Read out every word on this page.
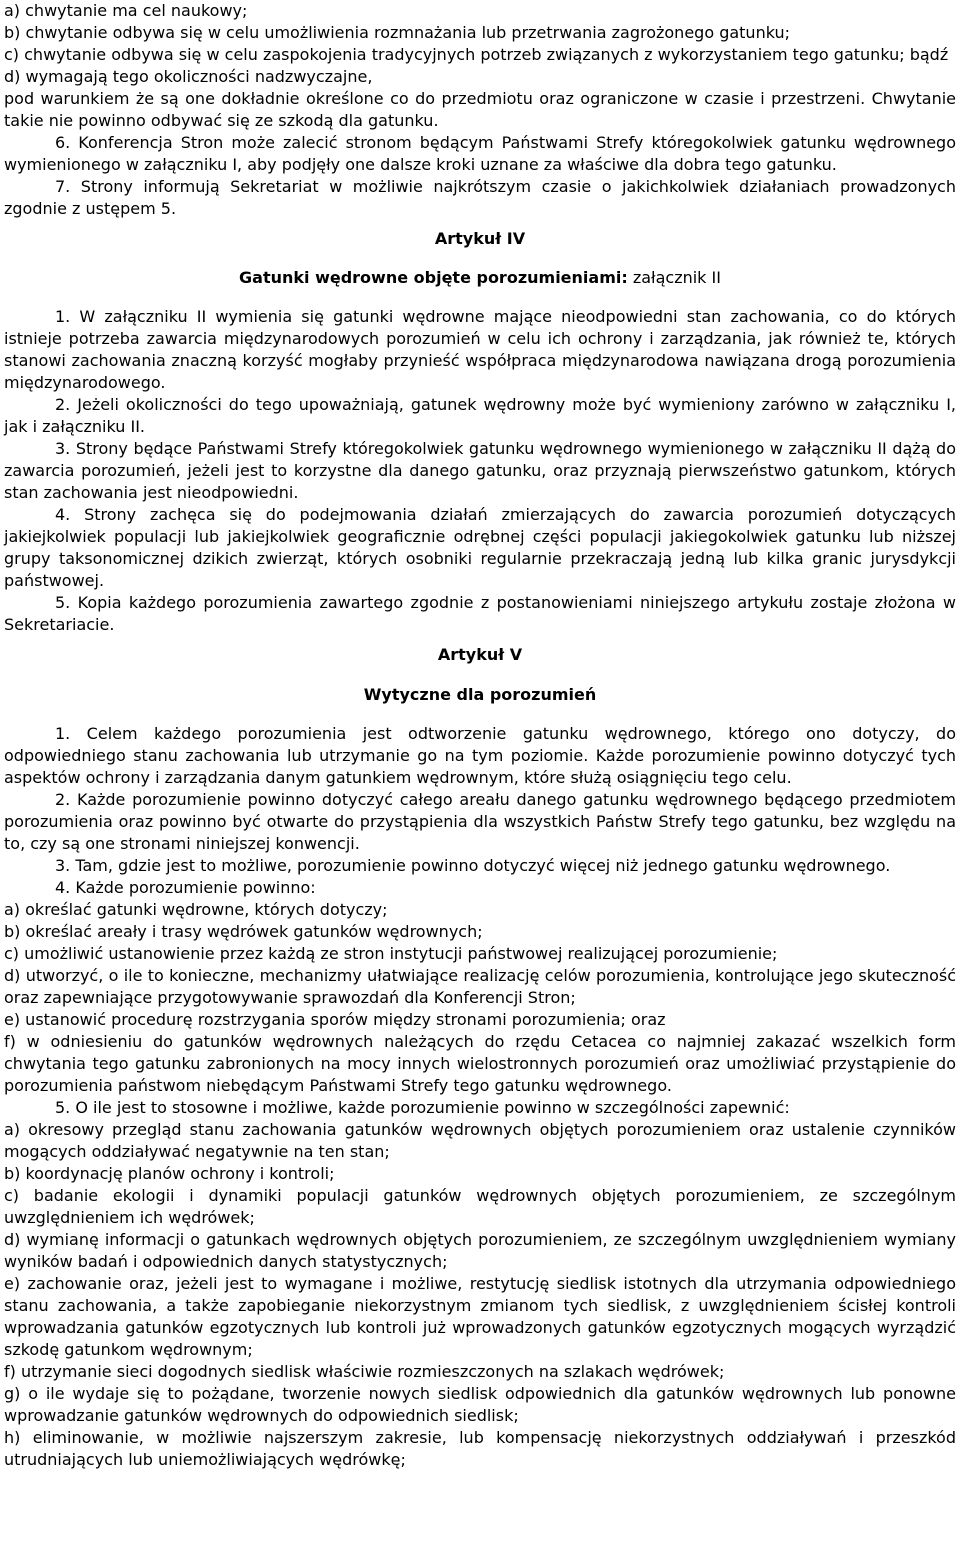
a) chwytanie ma cel naukowy;

b) chwytanie odbywa się w celu umożliwienia rozmnażania lub przetrwania zagrożonego gatunku;

c) chwytanie odbywa się w celu zaspokojenia tradycyjnych potrzeb związanych z wykorzystaniem tego gatunku; bądź

d) wymagają tego okoliczności nadzwyczajne,

pod warunkiem że są one dokładnie określone co do przedmiotu oraz ograniczone w czasie i przestrzeni. Chwytanie takie nie powinno odbywać się ze szkodą dla gatunku.

6. Konferencja Stron może zalecić stronom będącym Państwami Strefy któregokolwiek gatunku wędrownego wymienionego w załączniku I, aby podjęły one dalsze kroki uznane za właściwe dla dobra tego gatunku.

7. Strony informują Sekretariat w możliwie najkrótszym czasie o jakichkolwiek działaniach prowadzonych zgodnie z ustępem 5.

Artykuł IV

Gatunki wędrowne objęte porozumieniami: załącznik II

1. W załączniku II wymienia się gatunki wędrowne mające nieodpowiedni stan zachowania, co do których istnieje potrzeba zawarcia międzynarodowych porozumień w celu ich ochrony i zarządzania, jak również te, których stanowi zachowania znaczną korzyść mogłaby przynieść współpraca międzynarodowa nawiązana drogą porozumienia międzynarodowego.

2. Jeżeli okoliczności do tego upoważniają, gatunek wędrowny może być wymieniony zarówno w załączniku I, jak i załączniku II.

3. Strony będące Państwami Strefy któregokolwiek gatunku wędrownego wymienionego w załączniku II dążą do zawarcia porozumień, jeżeli jest to korzystne dla danego gatunku, oraz przyznają pierwszeństwo gatunkom, których stan zachowania jest nieodpowiedni.

4. Strony zachęca się do podejmowania działań zmierzających do zawarcia porozumień dotyczących jakiejkolwiek populacji lub jakiejkolwiek geograficznie odrębnej części populacji jakiegokolwiek gatunku lub niższej grupy taksonomicznej dzikich zwierząt, których osobniki regularnie przekraczają jedną lub kilka granic jurysdykcji państwowej.

5. Kopia każdego porozumienia zawartego zgodnie z postanowieniami niniejszego artykułu zostaje złożona w Sekretariacie.

Artykuł V

Wytyczne dla porozumień

1. Celem każdego porozumienia jest odtworzenie gatunku wędrownego, którego ono dotyczy, do odpowiedniego stanu zachowania lub utrzymanie go na tym poziomie. Każde porozumienie powinno dotyczyć tych aspektów ochrony i zarządzania danym gatunkiem wędrownym, które służą osiągnięciu tego celu.

2. Każde porozumienie powinno dotyczyć całego areału danego gatunku wędrownego będącego przedmiotem porozumienia oraz powinno być otwarte do przystąpienia dla wszystkich Państw Strefy tego gatunku, bez względu na to, czy są one stronami niniejszej konwencji.

3. Tam, gdzie jest to możliwe, porozumienie powinno dotyczyć więcej niż jednego gatunku wędrownego.

4. Każde porozumienie powinno:

a) określać gatunki wędrowne, których dotyczy;

b) określać areały i trasy wędrówek gatunków wędrownych;

c) umożliwić ustanowienie przez każdą ze stron instytucji państwowej realizującej porozumienie;

d) utworzyć, o ile to konieczne, mechanizmy ułatwiające realizację celów porozumienia, kontrolujące jego skuteczność oraz zapewniające przygotowywanie sprawozdań dla Konferencji Stron;

e) ustanowić procedurę rozstrzygania sporów między stronami porozumienia; oraz

f) w odniesieniu do gatunków wędrownych należących do rzędu Cetacea co najmniej zakazać wszelkich form chwytania tego gatunku zabronionych na mocy innych wielostronnych porozumień oraz umożliwiać przystąpienie do porozumienia państwom niebędącym Państwami Strefy tego gatunku wędrownego.

5. O ile jest to stosowne i możliwe, każde porozumienie powinno w szczególności zapewnić:

a) okresowy przegląd stanu zachowania gatunków wędrownych objętych porozumieniem oraz ustalenie czynników mogących oddziaływać negatywnie na ten stan;

b) koordynację planów ochrony i kontroli;

c) badanie ekologii i dynamiki populacji gatunków wędrownych objętych porozumieniem, ze szczególnym uwzględnieniem ich wędrówek;

d) wymianę informacji o gatunkach wędrownych objętych porozumieniem, ze szczególnym uwzględnieniem wymiany wyników badań i odpowiednich danych statystycznych;

e) zachowanie oraz, jeżeli jest to wymagane i możliwe, restytucję siedlisk istotnych dla utrzymania odpowiedniego stanu zachowania, a także zapobieganie niekorzystnym zmianom tych siedlisk, z uwzględnieniem ścisłej kontroli wprowadzania gatunków egzotycznych lub kontroli już wprowadzonych gatunków egzotycznych mogących wyrządzić szkodę gatunkom wędrownym;

f) utrzymanie sieci dogodnych siedlisk właściwie rozmieszczonych na szlakach wędrówek;

g) o ile wydaje się to pożądane, tworzenie nowych siedlisk odpowiednich dla gatunków wędrownych lub ponowne wprowadzanie gatunków wędrownych do odpowiednich siedlisk;

h) eliminowanie, w możliwie najszerszym zakresie, lub kompensację niekorzystnych oddziaływań i przeszkód utrudniających lub uniemożliwiających wędrówkę;
